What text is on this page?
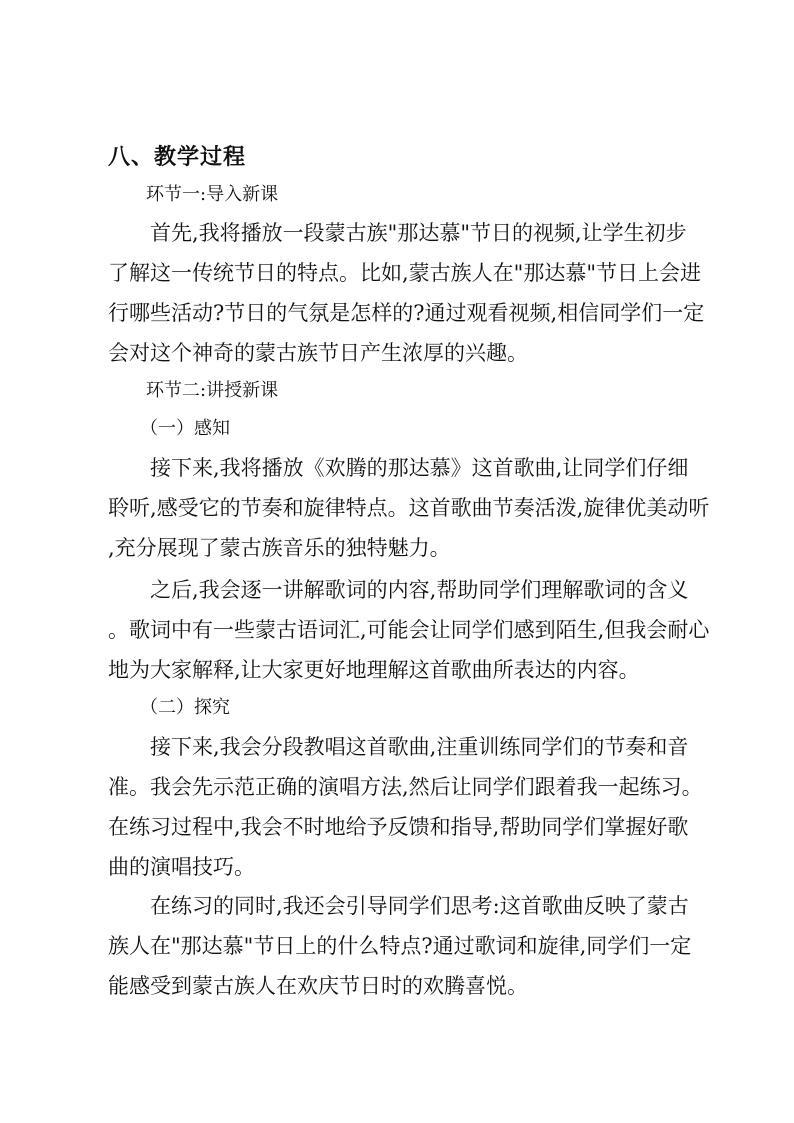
八、教学过程
环节一:导入新课
首先,我将播放一段蒙古族"那达慕"节日的视频,让学生初步
了解这一传统节日的特点。比如,蒙古族人在"那达慕"节日上会进
行哪些活动?节日的气氛是怎样的?通过观看视频,相信同学们一定
会对这个神奇的蒙古族节日产生浓厚的兴趣。
环节二:讲授新课
（一）感知
接下来,我将播放《欢腾的那达慕》这首歌曲,让同学们仔细
聆听,感受它的节奏和旋律特点。这首歌曲节奏活泼,旋律优美动听
,充分展现了蒙古族音乐的独特魅力。
之后,我会逐一讲解歌词的内容,帮助同学们理解歌词的含义
。歌词中有一些蒙古语词汇,可能会让同学们感到陌生,但我会耐心
地为大家解释,让大家更好地理解这首歌曲所表达的内容。
（二）探究
接下来,我会分段教唱这首歌曲,注重训练同学们的节奏和音
准。我会先示范正确的演唱方法,然后让同学们跟着我一起练习。
在练习过程中,我会不时地给予反馈和指导,帮助同学们掌握好歌
曲的演唱技巧。
在练习的同时,我还会引导同学们思考:这首歌曲反映了蒙古
族人在"那达慕"节日上的什么特点?通过歌词和旋律,同学们一定
能感受到蒙古族人在欢庆节日时的欢腾喜悦。
